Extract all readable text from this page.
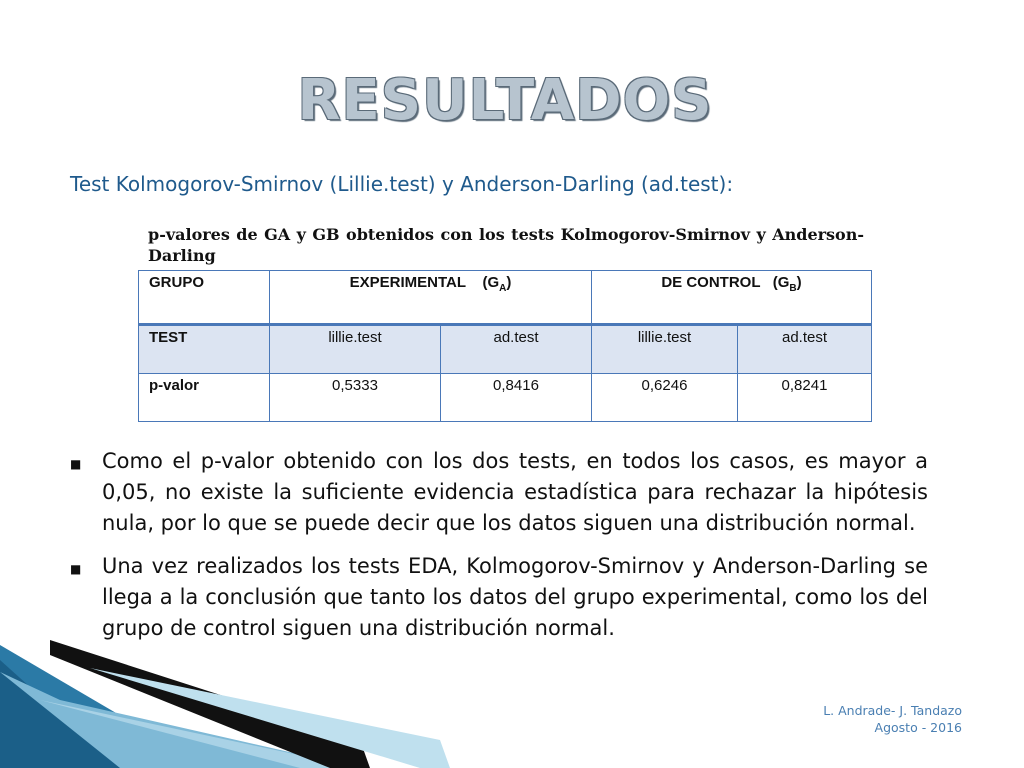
RESULTADOS
Test Kolmogorov-Smirnov (Lillie.test) y Anderson-Darling (ad.test):
p-valores de GA y GB obtenidos con los tests Kolmogorov-Smirnov y Anderson-Darling
GRUPO	EXPERIMENTAL $(G_A)$		DE CONTROL $(G_B)$	
TEST	lillie.test	ad.test	lillie.test	ad.test
p-valor	0,5333	0,8416	0,6246	0,8241
■ Como el p-valor obtenido con los dos tests, en todos los casos, es mayor a 0,05, no existe la suficiente evidencia estadística para rechazar la hipótesis nula, por lo que se puede decir que los datos siguen una distribución normal.
■ Una vez realizados los tests EDA, Kolmogorov-Smirnov y Anderson-Darling se llega a la conclusión que tanto los datos del grupo experimental, como los del grupo de control siguen una distribución normal.
L. Andrade- J. Tandazo
Agosto - 2016
